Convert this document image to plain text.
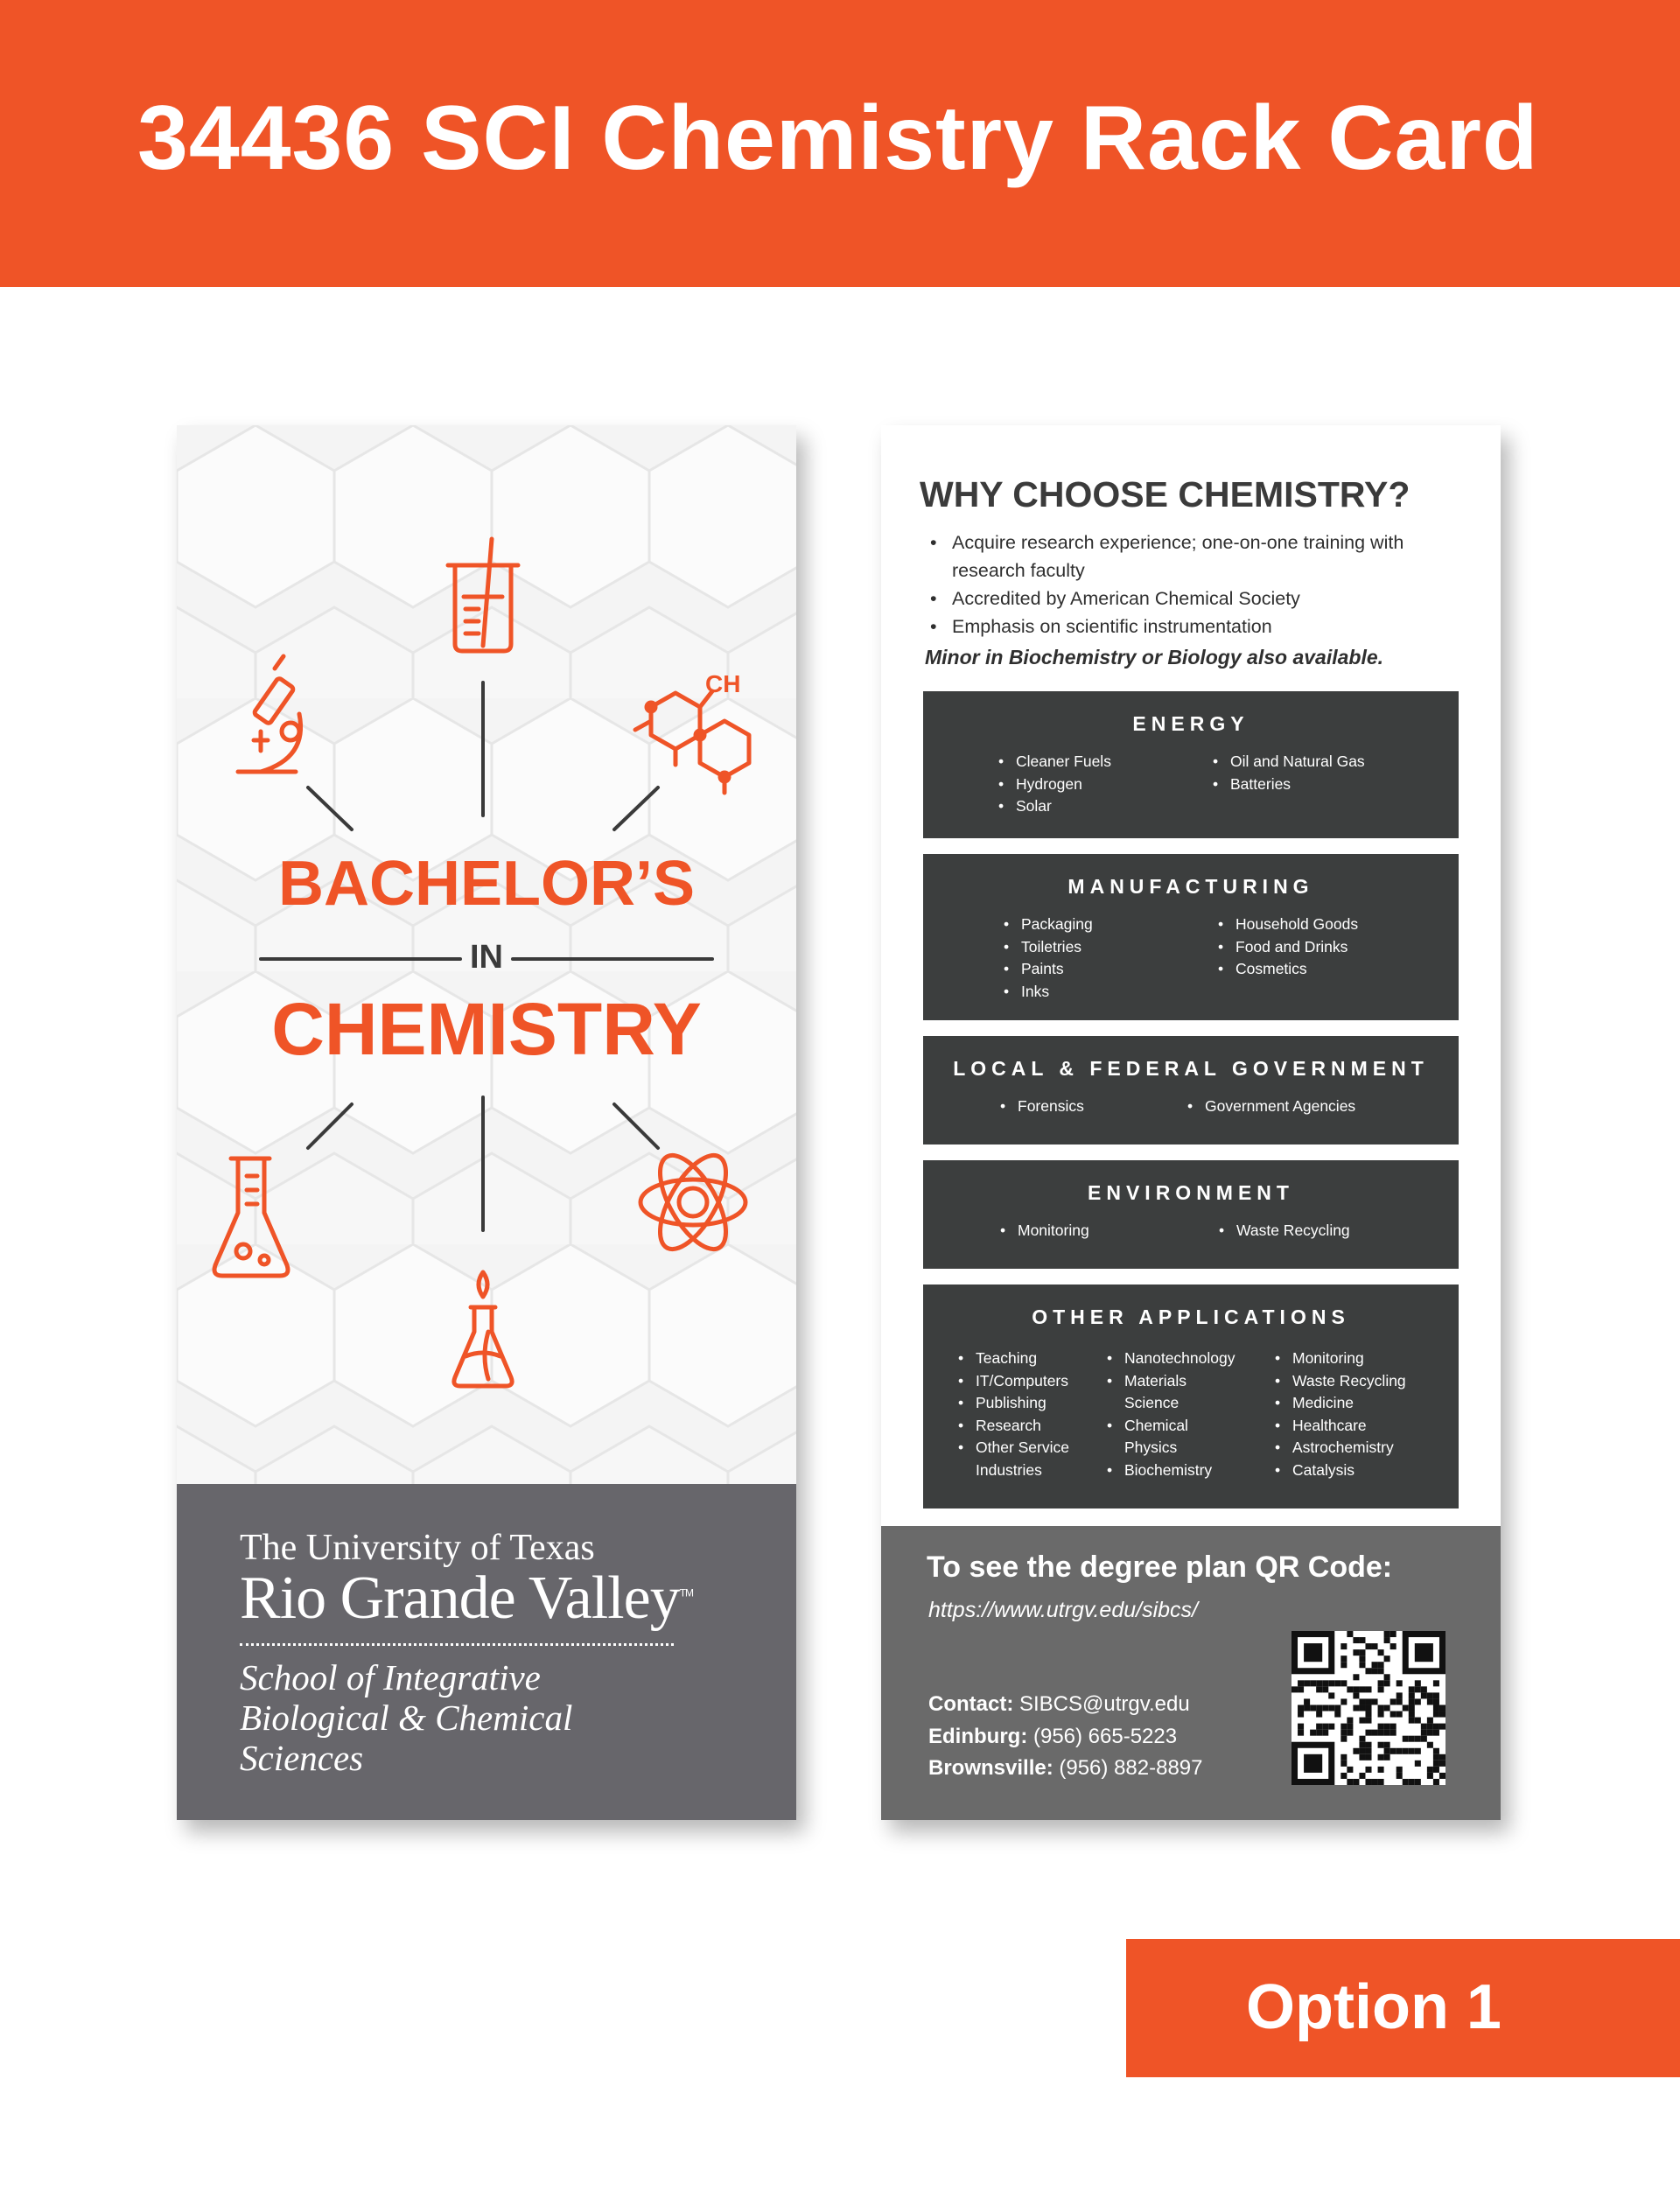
34436 SCI Chemistry Rack Card
CH
BACHELOR’S
IN
CHEMISTRY
The University of Texas
Rio Grande Valley™
School of Integrative
Biological & Chemical
Sciences
WHY CHOOSE CHEMISTRY?
• Acquire research experience; one-on-one training with research faculty
• Accredited by American Chemical Society
• Emphasis on scientific instrumentation
Minor in Biochemistry or Biology also available.
ENERGY
• Cleaner Fuels
• Hydrogen
• Solar
• Oil and Natural Gas
• Batteries
MANUFACTURING
• Packaging
• Toiletries
• Paints
• Inks
• Household Goods
• Food and Drinks
• Cosmetics
LOCAL & FEDERAL GOVERNMENT
• Forensics	• Government Agencies
ENVIRONMENT
• Monitoring	• Waste Recycling
OTHER APPLICATIONS
• Teaching
• IT/Computers
• Publishing
• Research
• Other Service
Industries
• Nanotechnology
• Materials
Science
• Chemical
Physics
• Biochemistry
• Monitoring
• Waste Recycling
• Medicine
• Healthcare
• Astrochemistry
• Catalysis
To see the degree plan QR Code:
https://www.utrgv.edu/sibcs/
Contact: SIBCS@utrgv.edu
Edinburg: (956) 665-5223
Brownsville: (956) 882-8897
Option 1
